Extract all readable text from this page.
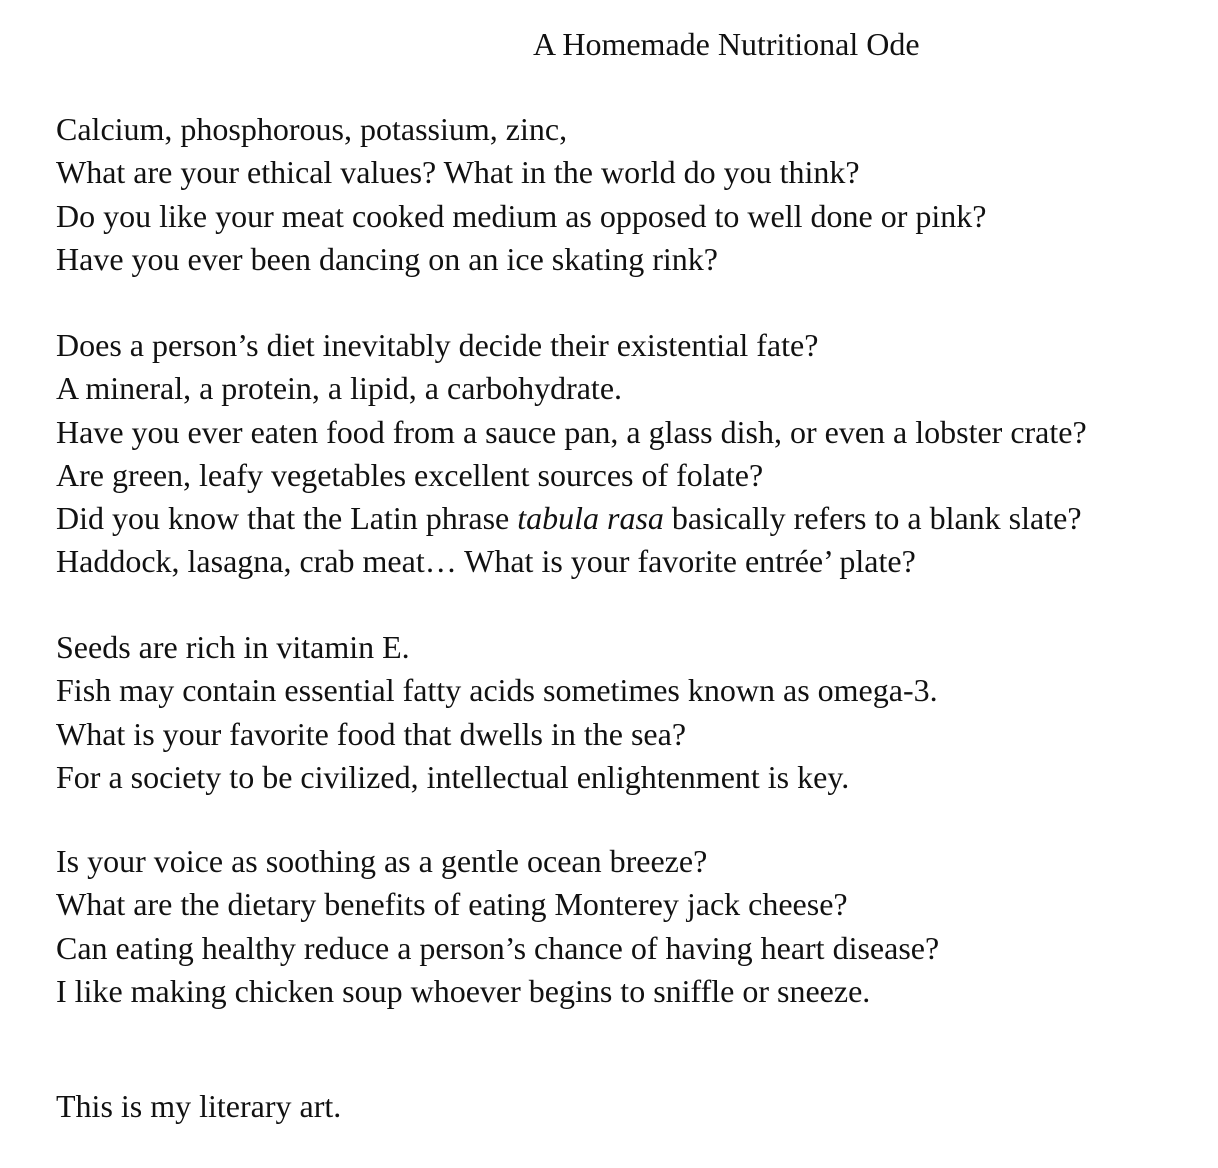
A Homemade Nutritional Ode
Calcium, phosphorous, potassium, zinc,
What are your ethical values? What in the world do you think?
Do you like your meat cooked medium as opposed to well done or pink?
Have you ever been dancing on an ice skating rink?
Does a person’s diet inevitably decide their existential fate?
A mineral, a protein, a lipid, a carbohydrate.
Have you ever eaten food from a sauce pan, a glass dish, or even a lobster crate?
Are green, leafy vegetables excellent sources of folate?
Did you know that the Latin phrase tabula rasa basically refers to a blank slate?
Haddock, lasagna, crab meat… What is your favorite entrée’ plate?
Seeds are rich in vitamin E.
Fish may contain essential fatty acids sometimes known as omega-3.
What is your favorite food that dwells in the sea?
For a society to be civilized, intellectual enlightenment is key.
Is your voice as soothing as a gentle ocean breeze?
What are the dietary benefits of eating Monterey jack cheese?
Can eating healthy reduce a person’s chance of having heart disease?
I like making chicken soup whoever begins to sniffle or sneeze.
This is my literary art.
